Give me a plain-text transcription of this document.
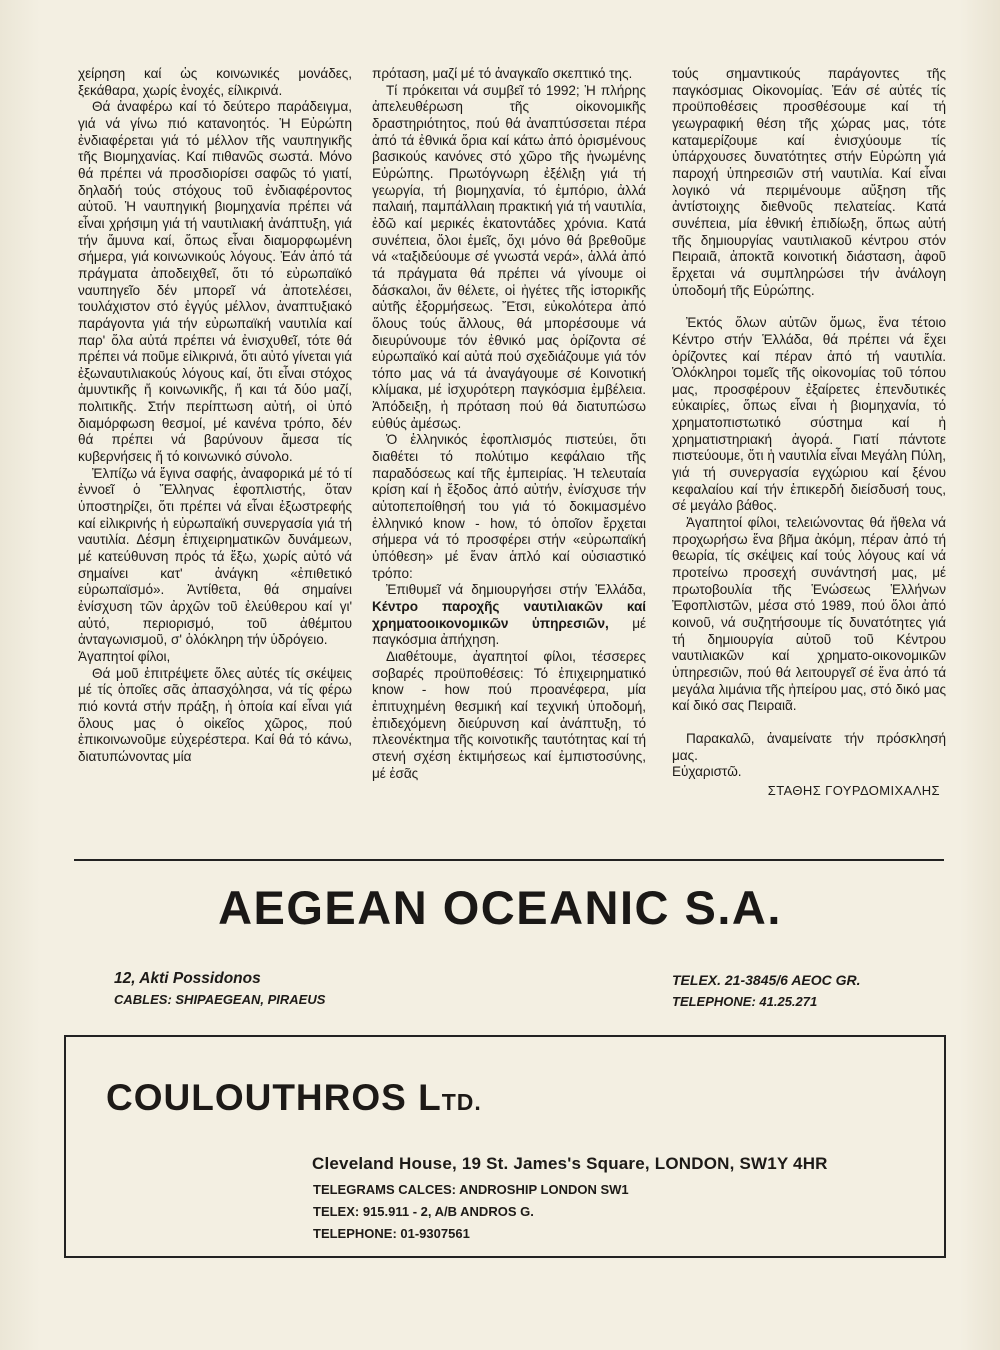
χείρηση καί ὡς κοινωνικές μονάδες, ξεκάθαρα, χωρίς ἐνοχές, είλικρινά.

Θά ἀναφέρω καί τό δεύτερο παράδειγμα, γιά νά γίνω πιό κατανοητός. Ἡ Εὐρώπη ἐνδιαφέρεται γιά τό μέλλον τῆς ναυπηγικῆς τῆς Βιομηχανίας. Καί πιθανῶς σωστά. Μόνο θά πρέπει νά προσδιορίσει σαφῶς τό γιατί, δηλαδή τούς στόχους τοῦ ἐνδιαφέροντος αὐτοῦ. Ἡ ναυπηγική βιομηχανία πρέπει νά εἶναι χρήσιμη γιά τή ναυτιλιακή ἀνάπτυξη, γιά τήν ἄμυνα καί, ὅπως εἶναι διαμορφωμένη σήμερα, γιά κοινωνικούς λόγους. Ἐάν ἀπό τά πράγματα ἀποδειχθεῖ, ὅτι τό εὐρωπαϊκό ναυπηγεῖο δέν μπορεῖ νά ἀποτελέσει, τουλάχιστον στό ἐγγύς μέλλον, ἀναπτυξιακό παράγοντα γιά τήν εὐρωπαϊκή ναυτιλία καί παρ' ὅλα αὐτά πρέπει νά ἐνισχυθεῖ, τότε θά πρέπει νά ποῦμε εἰλικρινά, ὅτι αὐτό γίνεται γιά ἐξωναυτιλιακούς λόγους καί, ὅτι εἶναι στόχος ἀμυντικῆς ἤ κοινωνικῆς, ἤ και τά δύο μαζί, πολιτικῆς. Στήν περίπτωση αὐτή, οἱ ὑπό διαμόρφωση θεσμοί, μέ κανένα τρόπο, δέν θά πρέπει νά βαρύνουν ἄμεσα τίς κυβερνήσεις ἤ τό κοινωνικό σύνολο.

Ἐλπίζω νά ἔγινα σαφής, ἀναφορικά μέ τό τί ἐννοεῖ ὁ Ἕλληνας ἐφοπλιστής, ὅταν ὑποστηρίζει, ὅτι πρέπει νά εἶναι ἐξωστρεφής καί εἰλικρινής ἡ εὐρωπαϊκή συνεργασία γιά τή ναυτιλία. Δέσμη ἐπιχειρηματικῶν δυνάμεων, μέ κατεύθυνση πρός τά ἔξω, χωρίς αὐτό νά σημαίνει κατ' ἀνάγκη «ἐπιθετικό εὐρωπαϊσμό». Ἀντίθετα, θά σημαίνει ἐνίσχυση τῶν ἀρχῶν τοῦ ἐλεύθερου καί γι' αὐτό, περιορισμό, τοῦ ἀθέμιτου ἀνταγωνισμοῦ, σ' ὁλόκληρη τήν ὑδρόγειο.

Ἀγαπητοί φίλοι,

Θά μοῦ ἐπιτρέψετε ὅλες αὐτές τίς σκέψεις μέ τίς ὁποῖες σᾶς ἀπασχόλησα, νά τίς φέρω πιό κοντά στήν πράξη, ἡ ὁποία καί εἶναι γιά ὅλους μας ὁ οἰκεῖος χῶρος, πού ἐπικοινωνοῦμε εὐχερέστερα. Καί θά τό κάνω, διατυπώνοντας μία

πρόταση, μαζί μέ τό ἀναγκαῖο σκεπτικό της.

Τί πρόκειται νά συμβεῖ τό 1992; Ἡ πλήρης ἀπελευθέρωση τῆς οἰκονομικῆς δραστηριότητος, πού θά ἀναπτύσσεται πέρα ἀπό τά ἐθνικά ὅρια καί κάτω ἀπό ὁρισμένους βασικούς κανόνες στό χῶρο τῆς ἡνωμένης Εὐρώπης. Πρωτόγνωρη ἐξέλιξη γιά τή γεωργία, τή βιομηχανία, τό ἐμπόριο, ἀλλά παλαιή, παμπάλλαιη πρακτική γιά τή ναυτιλία, ἐδῶ καί μερικές ἑκατοντάδες χρόνια. Κατά συνέπεια, ὅλοι ἐμεῖς, ὄχι μόνο θά βρεθοῦμε νά «ταξιδεύουμε σέ γνωστά νερά», ἀλλά ἀπό τά πράγματα θά πρέπει νά γίνουμε οἱ δάσκαλοι, ἄν θέλετε, οἱ ἠγέτες τῆς ἱστορικῆς αὐτῆς ἐξορμήσεως. Ἔτσι, εὐκολότερα ἀπό ὅλους τούς ἄλλους, θά μπορέσουμε νά διευρύνουμε τόν ἐθνικό μας ὁρίζοντα σέ εὐρωπαϊκό καί αὐτά πού σχεδιάζουμε γιά τόν τόπο μας νά τά ἀναγάγουμε σέ Κοινοτική κλίμακα, μέ ἰσχυρότερη παγκόσμια ἐμβέλεια. Ἀπόδειξη, ἡ πρόταση πού θά διατυπώσω εὐθύς ἀμέσως.

Ὁ ἑλληνικός ἐφοπλισμός πιστεύει, ὅτι διαθέτει τό πολύτιμο κεφάλαιο τῆς παραδόσεως καί τῆς ἐμπειρίας. Ἡ τελευταία κρίση καί ἡ ἔξοδος ἀπό αὐτήν, ἐνίσχυσε τήν αὐτοπεποίθησή του γιά τό δοκιμασμένο ἑλληνικό know - how, τό ὁποῖον ἔρχεται σήμερα νά τό προσφέρει στήν «εὐρωπαϊκή ὑπόθεση» μέ ἕναν ἁπλό καί οὐσιαστικό τρόπο:

Ἐπιθυμεῖ νά δημιουργήσει στήν Ἑλλάδα, Κέντρο παροχῆς ναυτιλιακῶν καί χρηματοοικονομικῶν ὑπηρεσιῶν, μέ παγκόσμια ἀπήχηση.

Διαθέτουμε, ἀγαπητοί φίλοι, τέσσερες σοβαρές προϋποθέσεις: Τό ἐπιχειρηματικό know - how πού προανέφερα, μία ἐπιτυχημένη θεσμική καί τεχνική ὑποδομή, ἐπιδεχόμενη διεύρυνση καί ἀνάπτυξη, τό πλεονέκτημα τῆς κοινοτικῆς ταυτότητας καί τή στενή σχέση ἐκτιμήσεως καί ἐμπιστοσύνης, μέ ἐσᾶς

τούς σημαντικούς παράγοντες τῆς παγκόσμιας Οἰκονομίας. Ἐάν σέ αὐτές τίς προϋποθέσεις προσθέσουμε καί τή γεωγραφική θέση τῆς χώρας μας, τότε καταμερίζουμε καί ἐνισχύουμε τίς ὑπάρχουσες δυνατότητες στήν Εὐρώπη γιά παροχή ὑπηρεσιῶν στή ναυτιλία. Καί εἶναι λογικό νά περιμένουμε αὔξηση τῆς ἀντίστοιχης διεθνοῦς πελατείας. Κατά συνέπεια, μία ἐθνική ἐπιδίωξη, ὅπως αὐτή τῆς δημιουργίας ναυτιλιακοῦ κέντρου στόν Πειραιᾶ, ἀποκτᾶ κοινοτική διάσταση, ἀφοῦ ἔρχεται νά συμπληρώσει τήν ἀνάλογη ὑποδομή τῆς Εὐρώπης.

Ἐκτός ὅλων αὐτῶν ὅμως, ἕνα τέτοιο Κέντρο στήν Ἑλλάδα, θά πρέπει νά ἔχει ὁρίζοντες καί πέραν ἀπό τή ναυτιλία. Ὁλόκληροι τομεῖς τῆς οἰκονομίας τοῦ τόπου μας, προσφέρουν ἐξαίρετες ἐπενδυτικές εὐκαιρίες, ὅπως εἶναι ἡ βιομηχανία, τό χρηματοπιστωτικό σύστημα καί ἡ χρηματιστηριακή ἀγορά. Γιατί πάντοτε πιστεύουμε, ὅτι ἡ ναυτιλία εἶναι Μεγάλη Πύλη, γιά τή συνεργασία εγχώριου καί ξένου κεφαλαίου καί τήν ἐπικερδή διείσδυσή τους, σέ μεγάλο βάθος.

Ἀγαπητοί φίλοι, τελειώνοντας θά ἤθελα νά προχωρήσω ἕνα βῆμα ἀκόμη, πέραν ἀπό τή θεωρία, τίς σκέψεις καί τούς λόγους καί νά προτείνω προσεχή συνάντησή μας, μέ πρωτοβουλία τῆς Ἑνώσεως Ἑλλήνων Ἐφοπλιστῶν, μέσα στό 1989, πού ὅλοι ἀπό κοινοῦ, νά συζητήσουμε τίς δυνατότητες γιά τή δημιουργία αὐτοῦ τοῦ Κέντρου ναυτιλιακῶν καί χρηματο-οικονομικῶν ὑπηρεσιῶν, πού θά λειτουργεῖ σέ ἕνα ἀπό τά μεγάλα λιμάνια τῆς ἠπείρου μας, στό δικό μας καί δικό σας Πειραιᾶ.

Παρακαλῶ, ἀναμείνατε τήν πρόσκλησή μας.

Εὐχαριστῶ.

ΣΤΑΘΗΣ ΓΟΥΡΔΟΜΙΧΑΛΗΣ
AEGEAN OCEANIC S.A.
12, Akti Possidonos
CABLES: SHIPAEGEAN, PIRAEUS
TELEX. 21-3845/6 AEOC GR.
TELEPHONE: 41.25.271
COULOUTHROS LTD.
Cleveland House, 19 St. James's Square, LONDON, SW1Y 4HR
TELEGRAMS CALCES: ANDROSHIP LONDON SW1
TELEX: 915.911 - 2, A/B ANDROS G.
TELEPHONE: 01-9307561
